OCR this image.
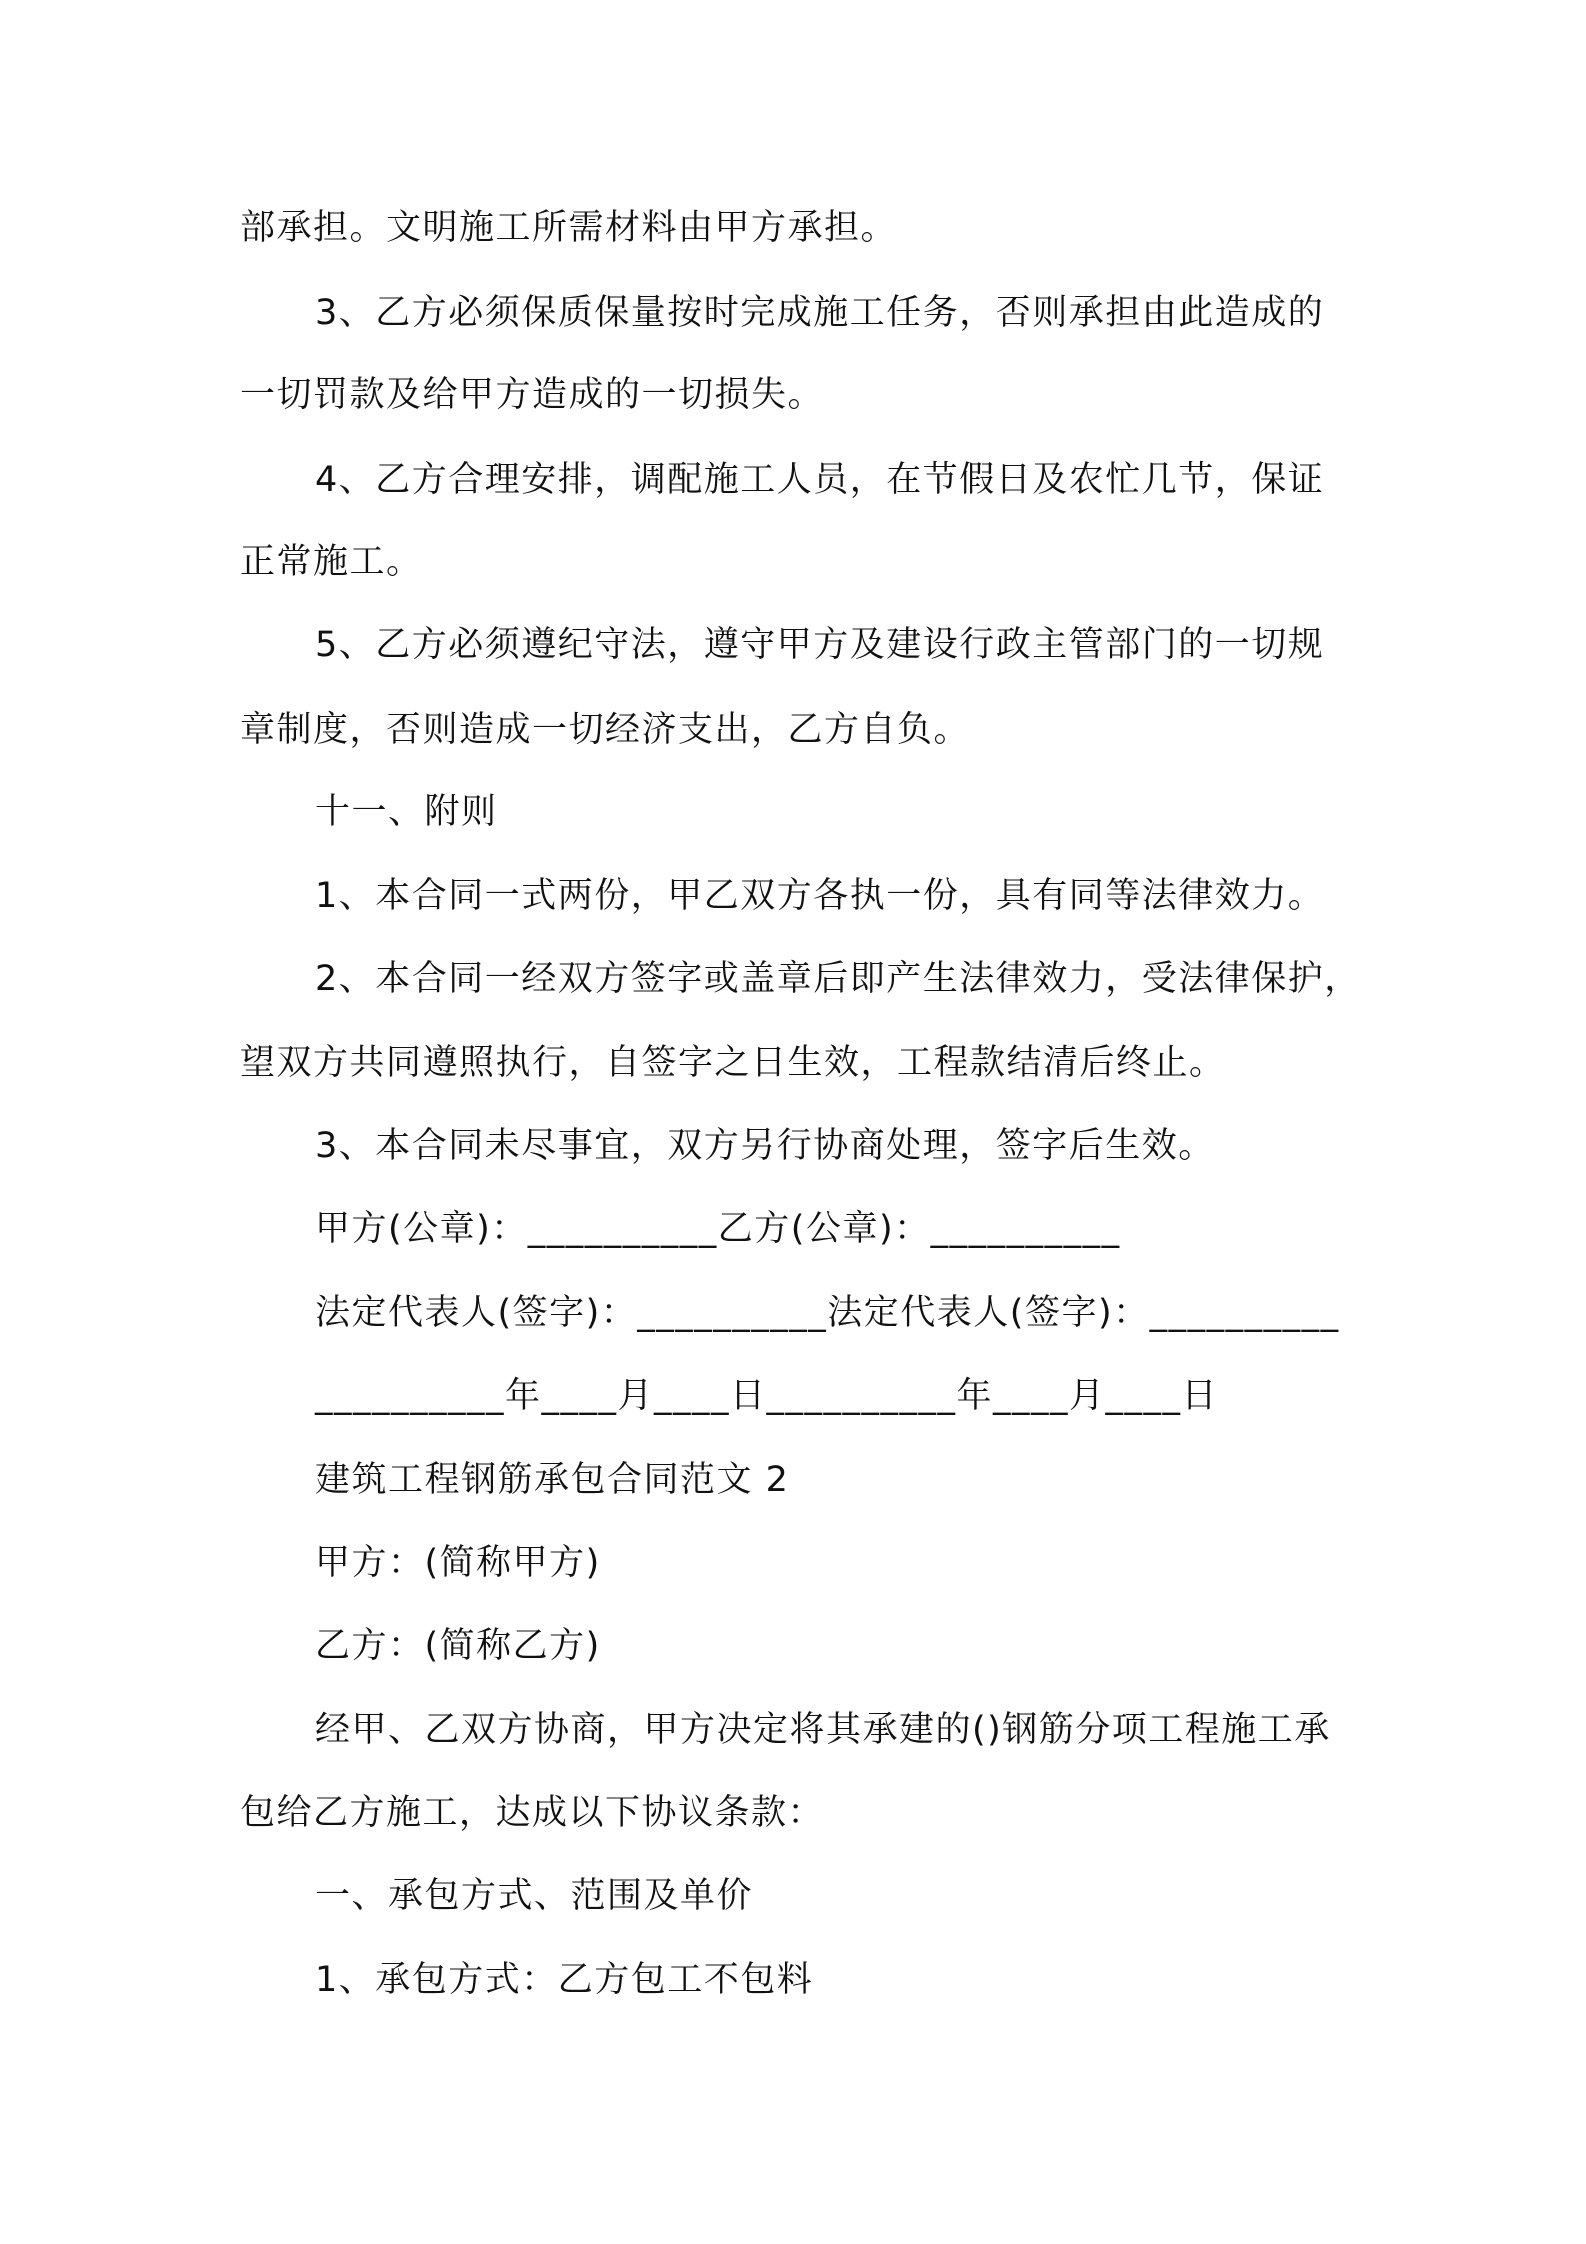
部承担。文明施工所需材料由甲方承担。
3、乙方必须保质保量按时完成施工任务，否则承担由此造成的
一切罚款及给甲方造成的一切损失。
4、乙方合理安排，调配施工人员，在节假日及农忙几节，保证
正常施工。
5、乙方必须遵纪守法，遵守甲方及建设行政主管部门的一切规
章制度，否则造成一切经济支出，乙方自负。
十一、附则
1、本合同一式两份，甲乙双方各执一份，具有同等法律效力。
2、本合同一经双方签字或盖章后即产生法律效力，受法律保护，
望双方共同遵照执行，自签字之日生效，工程款结清后终止。
3、本合同未尽事宜，双方另行协商处理，签字后生效。
甲方(公章)：__________乙方(公章)：__________
法定代表人(签字)：__________法定代表人(签字)：__________
__________年____月____日__________年____月____日
建筑工程钢筋承包合同范文 2
甲方：(简称甲方)
乙方：(简称乙方)
经甲、乙双方协商，甲方决定将其承建的()钢筋分项工程施工承
包给乙方施工，达成以下协议条款：
一、承包方式、范围及单价
1、承包方式：乙方包工不包料
